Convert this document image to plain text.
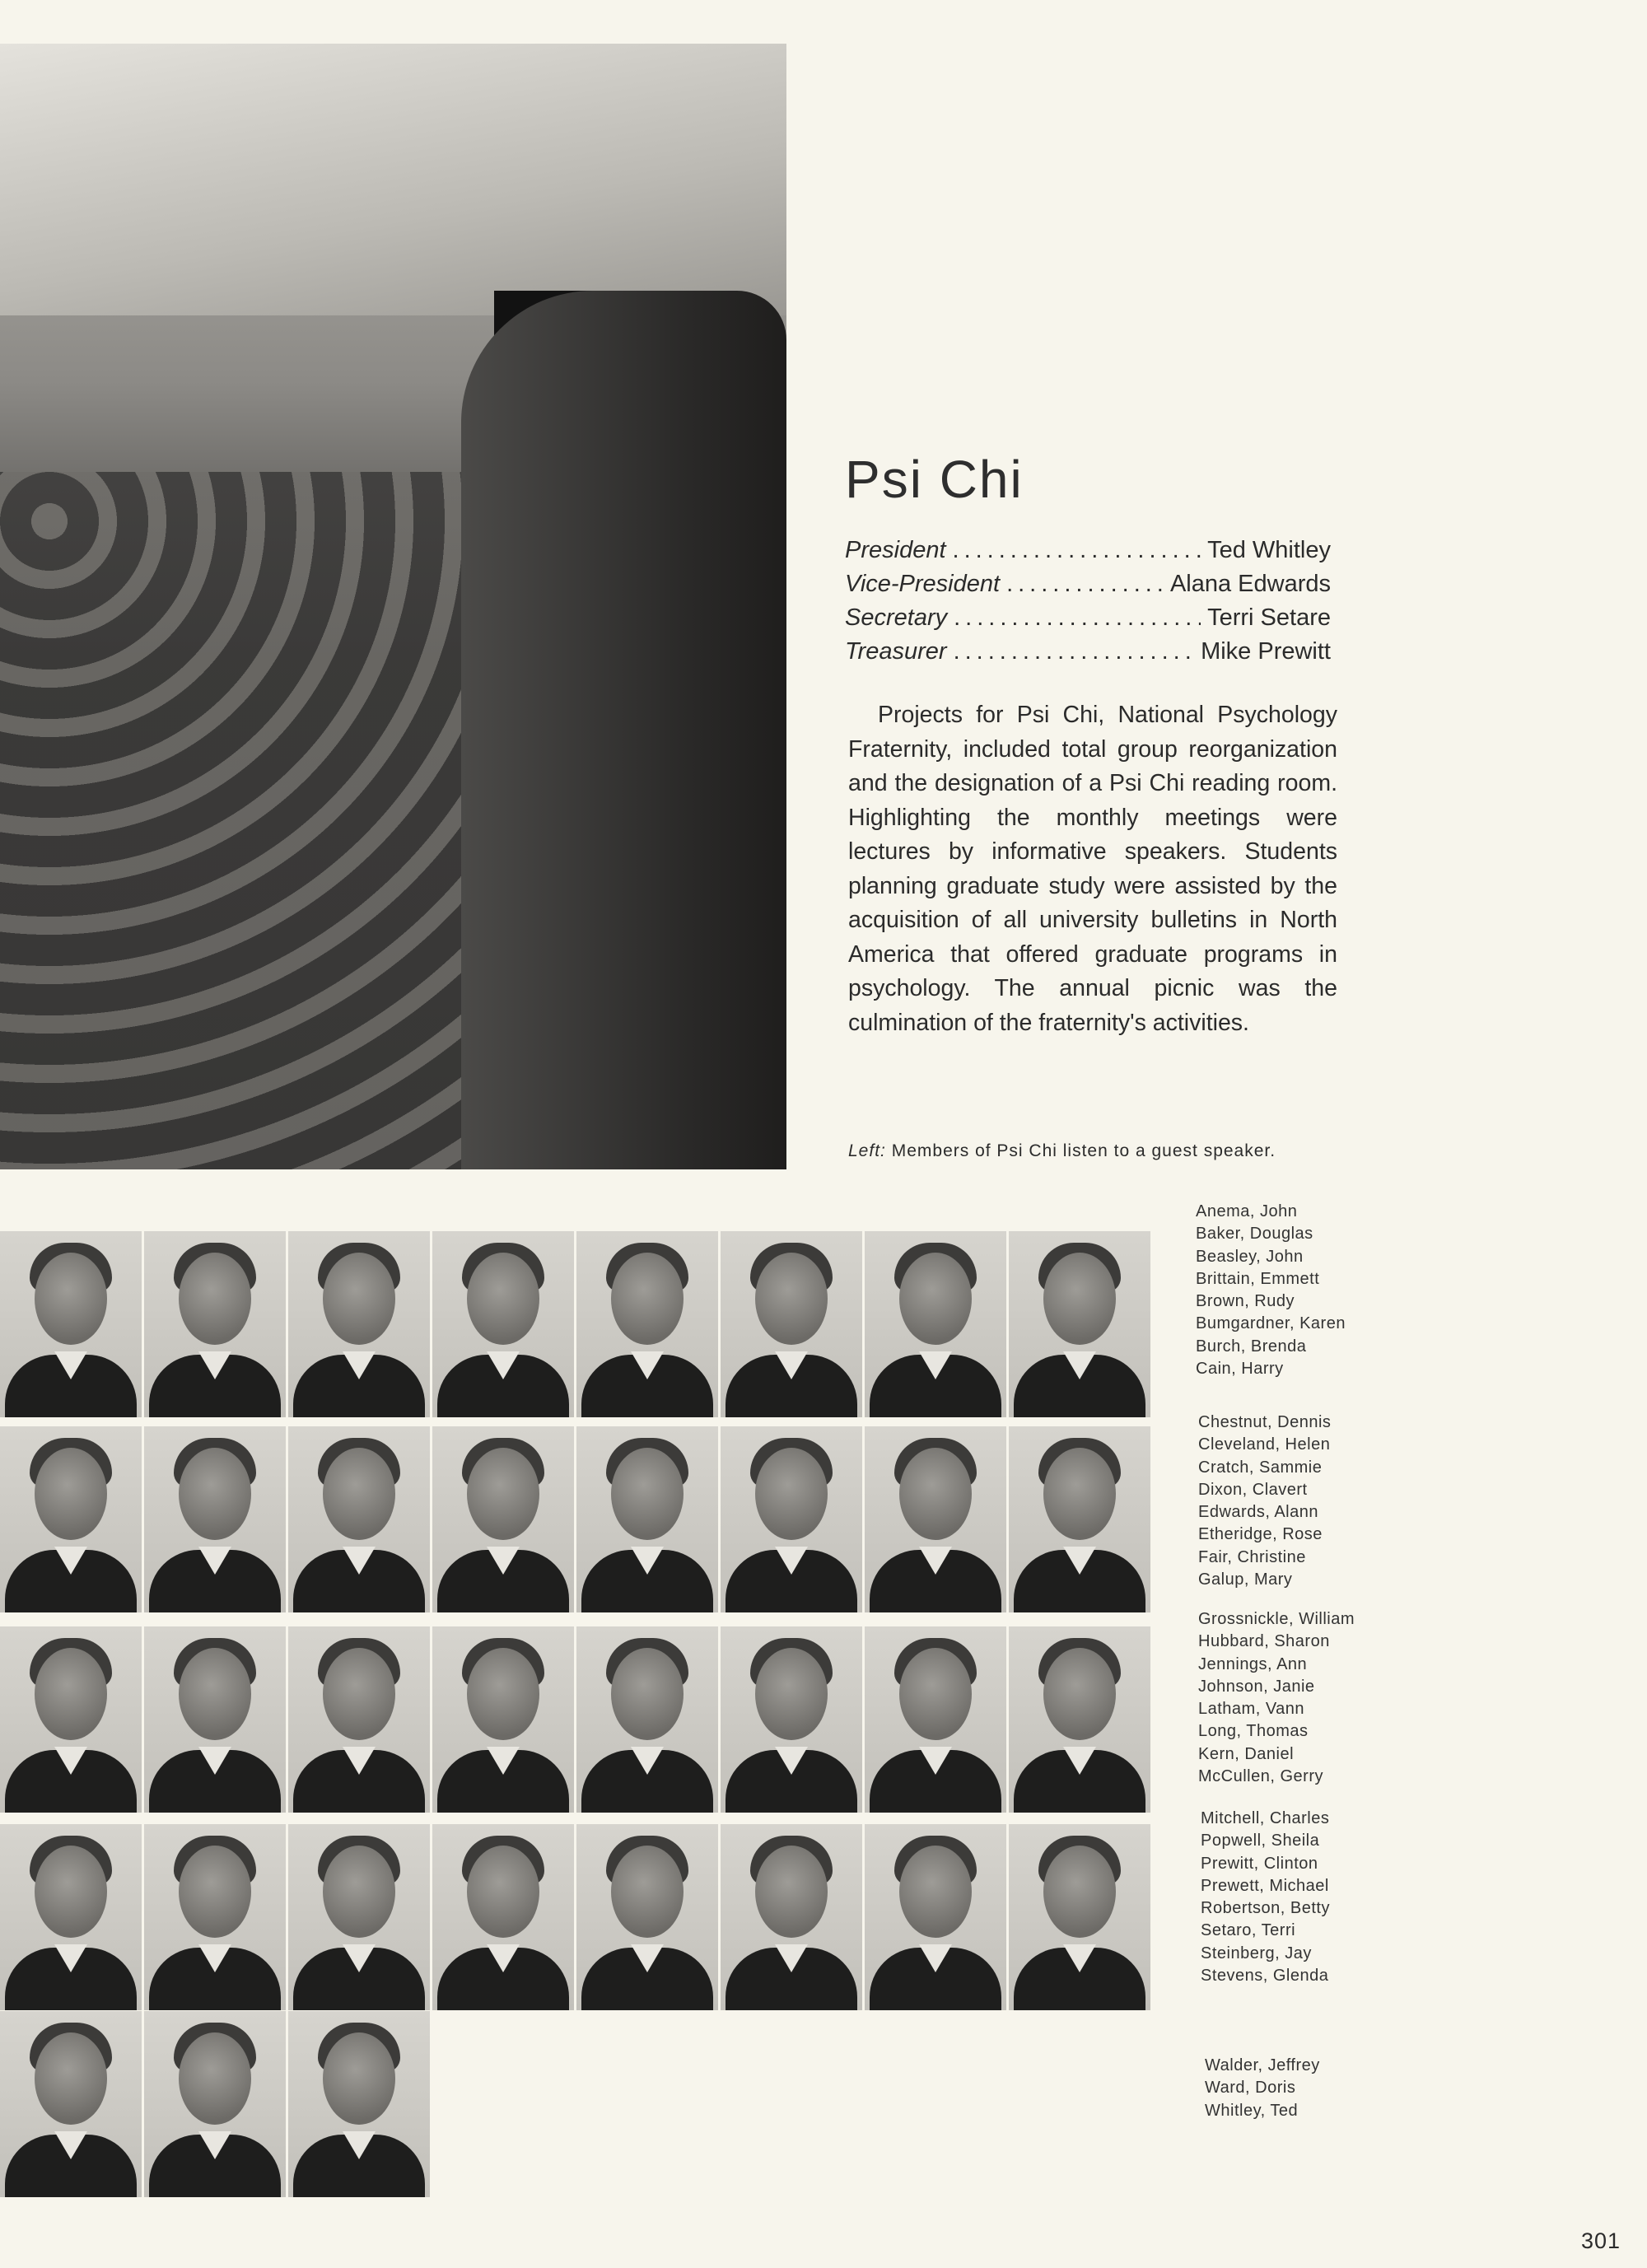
Psi Chi
President .....	Ted Whitley
Vice-President .....	Alana Edwards
Secretary .....	Terri Setare
Treasurer .....	Mike Prewitt

Projects for Psi Chi, National Psychology Fraternity, included total group reorganization and the designation of a Psi Chi reading room. Highlighting the monthly meetings were lectures by informative speakers. Students planning graduate study were assisted by the acquisition of all university bulletins in North America that offered graduate programs in psychology. The annual picnic was the culmination of the fraternity's activities.

Left: Members of Psi Chi listen to a guest speaker.
Anema, John
Baker, Douglas
Beasley, John
Brittain, Emmett
Brown, Rudy
Bumgardner, Karen
Burch, Brenda
Cain, Harry
Chestnut, Dennis
Cleveland, Helen
Cratch, Sammie
Dixon, Clavert
Edwards, Alann
Etheridge, Rose
Fair, Christine
Galup, Mary
Grossnickle, William
Hubbard, Sharon
Jennings, Ann
Johnson, Janie
Latham, Vann
Long, Thomas
Kern, Daniel
McCullen, Gerry
Mitchell, Charles
Popwell, Sheila
Prewitt, Clinton
Prewett, Michael
Robertson, Betty
Setaro, Terri
Steinberg, Jay
Stevens, Glenda
Walder, Jeffrey
Ward, Doris
Whitley, Ted
301
